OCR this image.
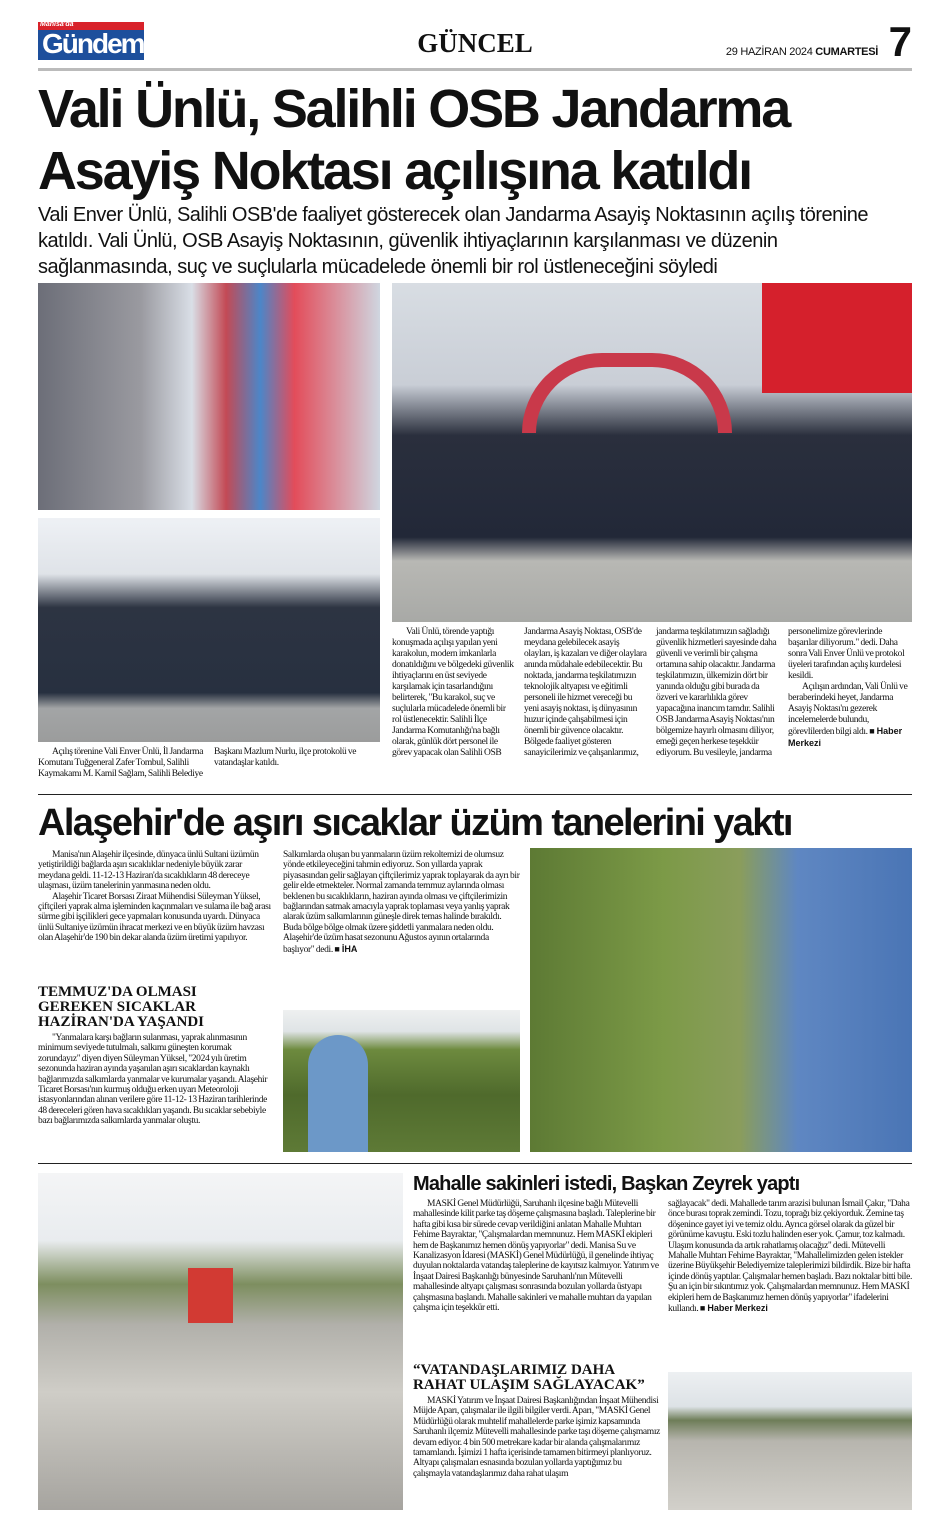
Manisa'da
Gündem	GÜNCEL	29 HAZİRAN 2024 CUMARTESİ 7
Vali Ünlü, Salihli OSB Jandarma
Asayiş Noktası açılışına katıldı
Vali Enver Ünlü, Salihli OSB'de faaliyet gösterecek olan Jandarma Asayiş Noktasının açılış törenine katıldı. Vali Ünlü, OSB Asayiş Noktasının, güvenlik ihtiyaçlarının karşılanması ve düzenin sağlanmasında, suç ve suçlularla mücadelede önemli bir rol üstleneceğini söyledi

Açılış törenine Vali Enver Ünlü, İl Jandarma Komutanı Tuğgeneral Zafer Tombul, Salihli Kaymakamı M. Kamil Sağlam, Salihli Belediye Başkanı Mazlum Nurlu, ilçe protokolü ve vatandaşlar katıldı.

Vali Ünlü, törende yaptığı konuşmada açılışı yapılan yeni karakolun, modern imkanlarla donatıldığını ve bölgedeki güvenlik ihtiyaçlarını en üst seviyede karşılamak için tasarlandığını belirterek, "Bu karakol, suç ve suçlularla mücadelede önemli bir rol üstlenecektir. Salihli İlçe Jandarma Komutanlığı'na bağlı olarak, günlük dört personel ile görev yapacak olan Salihli OSB Jandarma Asayiş Noktası, OSB'de meydana gelebilecek asayiş olayları, iş kazaları ve diğer olaylara anında müdahale edebilecektir. Bu noktada, jandarma teşkilatımızın teknolojik altyapısı ve eğitimli personeli ile hizmet vereceği bu yeni asayiş noktası, iş dünyasının huzur içinde çalışabilmesi için önemli bir güvence olacaktır. Bölgede faaliyet gösteren sanayicilerimiz ve çalışanlarımız, jandarma teşkilatımızın sağladığı güvenlik hizmetleri sayesinde daha güvenli ve verimli bir çalışma ortamına sahip olacaktır. Jandarma teşkilatımızın, ülkemizin dört bir yanında olduğu gibi burada da özveri ve kararlılıkla görev yapacağına inancım tamdır. Salihli OSB Jandarma Asayiş Noktası'nın bölgemize hayırlı olmasını diliyor, emeği geçen herkese teşekkür ediyorum. Bu vesileyle, jandarma personelimize görevlerinde başarılar diliyorum." dedi. Daha sonra Vali Enver Ünlü ve protokol üyeleri tarafından açılış kurdelesi kesildi.

Açılışın ardından, Vali Ünlü ve beraberindeki heyet, Jandarma Asayiş Noktası'nı gezerek incelemelerde bulundu, görevlilerden bilgi aldı. ■ Haber Merkezi

Alaşehir'de aşırı sıcaklar üzüm tanelerini yaktı

Manisa'nın Alaşehir ilçesinde, dünyaca ünlü Sultani üzümün yetiştirildiği bağlarda aşırı sıcaklıklar nedeniyle büyük zarar meydana geldi. 11-12-13 Haziran'da sıcaklıkların 48 dereceye ulaşması, üzüm tanelerinin yanmasına neden oldu.

Alaşehir Ticaret Borsası Ziraat Mühendisi Süleyman Yüksel, çiftçileri yaprak alma işleminden kaçınmaları ve sulama ile bağ arası sürme gibi işçilikleri gece yapmaları konusunda uyardı. Dünyaca ünlü Sultaniye üzümün ihracat merkezi ve en büyük üzüm havzası olan Alaşehir'de 190 bin dekar alanda üzüm üretimi yapılıyor.

TEMMUZ'DA OLMASI GEREKEN SICAKLAR HAZİRAN'DA YAŞANDI

"Yanmalara karşı bağların sulanması, yaprak alınmasının minimum seviyede tutulmalı, salkımı güneşten korumak zorundayız" diyen diyen Süleyman Yüksel, "2024 yılı üretim sezonunda haziran ayında yaşanılan aşırı sıcaklardan kaynaklı bağlarımızda salkımlarda yanmalar ve kurumalar yaşandı. Alaşehir Ticaret Borsası'nın kurmuş olduğu erken uyarı Meteoroloji istasyonlarından alınan verilere göre 11-12- 13 Haziran tarihlerinde 48 dereceleri gören hava sıcaklıkları yaşandı. Bu sıcaklar sebebiyle bazı bağlarımızda salkımlarda yanmalar oluştu.

Salkımlarda oluşan bu yanmaların üzüm rekoltemizi de olumsuz yönde etkileyeceğini tahmin ediyoruz. Son yıllarda yaprak piyasasından gelir sağlayan çiftçilerimiz yaprak toplayarak da ayrı bir gelir elde etmekteler. Normal zamanda temmuz aylarında olması beklenen bu sıcaklıkların, haziran ayında olması ve çiftçilerimizin bağlarından satmak amacıyla yaprak toplaması veya yanlış yaprak alarak üzüm salkımlarının güneşle direk temas halinde bırakıldı. Buda bölge bölge olmak üzere şiddetli yanmalara neden oldu. Alaşehir'de üzüm hasat sezonunu Ağustos ayının ortalarında başlıyor" dedi. ■ İHA

Mahalle sakinleri istedi, Başkan Zeyrek yaptı

MASKİ Genel Müdürlüğü, Saruhanlı ilçesine bağlı Mütevelli mahallesinde kilit parke taş döşeme çalışmasına başladı. Taleplerine bir hafta gibi kısa bir sürede cevap verildiğini anlatan Mahalle Muhtarı Fehime Bayraktar, "Çalışmalardan memnunuz. Hem MASKİ ekipleri hem de Başkanımız hemen dönüş yapıyorlar" dedi. Manisa Su ve Kanalizasyon İdaresi (MASKİ) Genel Müdürlüğü, il genelinde ihtiyaç duyulan noktalarda vatandaş taleplerine de kayıtsız kalmıyor. Yatırım ve İnşaat Dairesi Başkanlığı bünyesinde Saruhanlı'nın Mütevelli mahallesinde altyapı çalışması sonrasında bozulan yollarda üstyapı çalışmasına başlandı. Mahalle sakinleri ve mahalle muhtarı da yapılan çalışma için teşekkür etti.

sağlayacak" dedi. Mahallede tarım arazisi bulunan İsmail Çakır, "Daha önce burası toprak zemindi. Tozu, toprağı biz çekiyorduk. Zemine taş döşenince gayet iyi ve temiz oldu. Ayrıca görsel olarak da güzel bir görünüme kavuştu. Eski tozlu halinden eser yok. Çamur, toz kalmadı. Ulaşım konusunda da artık rahatlamış olacağız" dedi. Mütevelli Mahalle Muhtarı Fehime Bayraktar, "Mahallelimizden gelen istekler üzerine Büyükşehir Belediyemize taleplerimizi bildirdik. Bize bir hafta içinde dönüş yaptılar. Çalışmalar hemen başladı. Bazı noktalar bitti bile. Şu an için bir sıkıntımız yok. Çalışmalardan memnunuz. Hem MASKİ ekipleri hem de Başkanımız hemen dönüş yapıyorlar" ifadelerini kullandı. ■ Haber Merkezi

“VATANDAŞLARIMIZ DAHA RAHAT ULAŞIM SAĞLAYACAK”

MASKİ Yatırım ve İnşaat Dairesi Başkanlığından İnşaat Mühendisi Müjde Aparı, çalışmalar ile ilgili bilgiler verdi. Aparı, "MASKİ Genel Müdürlüğü olarak muhtelif mahallelerde parke işimiz kapsamında Saruhanlı ilçemiz Mütevelli mahallesinde parke taşı döşeme çalışmamız devam ediyor. 4 bin 500 metrekare kadar bir alanda çalışmalarımız tamamlandı. İşimizi 1 hafta içerisinde tamamen bitirmeyi planlıyoruz. Altyapı çalışmaları esnasında bozulan yollarda yaptığımız bu çalışmayla vatandaşlarımız daha rahat ulaşım
